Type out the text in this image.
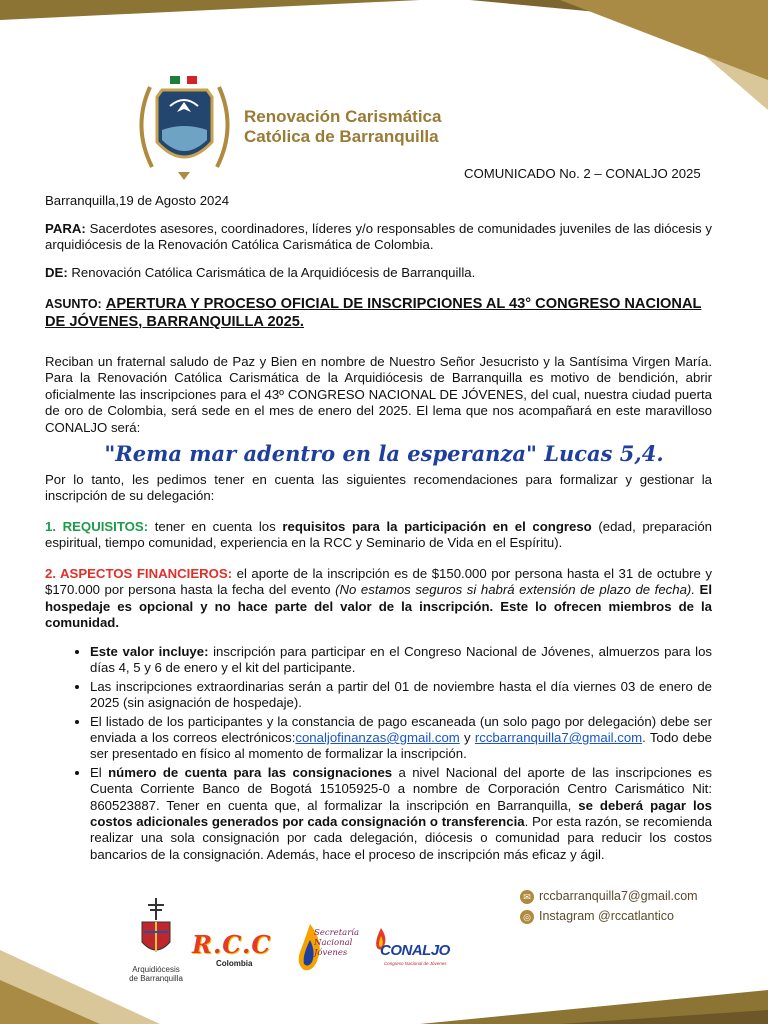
Renovación Carismática
Católica de Barranquilla
COMUNICADO No. 2 – CONALJO 2025

Barranquilla,19 de Agosto 2024

PARA: Sacerdotes asesores, coordinadores, líderes y/o responsables de comunidades juveniles de las diócesis y arquidiócesis de la Renovación Católica Carismática de Colombia.

DE: Renovación Católica Carismática de la Arquidiócesis de Barranquilla.

ASUNTO: APERTURA Y PROCESO OFICIAL DE INSCRIPCIONES AL 43° CONGRESO NACIONAL DE JÓVENES, BARRANQUILLA 2025.

Reciban un fraternal saludo de Paz y Bien en nombre de Nuestro Señor Jesucristo y la Santísima Virgen María. Para la Renovación Católica Carismática de la Arquidiócesis de Barranquilla es motivo de bendición, abrir oficialmente las inscripciones para el 43º CONGRESO NACIONAL DE JÓVENES, del cual, nuestra ciudad puerta de oro de Colombia, será sede en el mes de enero del 2025. El lema que nos acompañará en este maravilloso CONALJO será:

"Rema mar adentro en la esperanza" Lucas 5,4.

Por lo tanto, les pedimos tener en cuenta las siguientes recomendaciones para formalizar y gestionar la inscripción de su delegación:

1. REQUISITOS: tener en cuenta los requisitos para la participación en el congreso (edad, preparación espiritual, tiempo comunidad, experiencia en la RCC y Seminario de Vida en el Espíritu).

2. ASPECTOS FINANCIEROS: el aporte de la inscripción es de $150.000 por persona hasta el 31 de octubre y $170.000 por persona hasta la fecha del evento (No estamos seguros si habrá extensión de plazo de fecha). El hospedaje es opcional y no hace parte del valor de la inscripción. Este lo ofrecen miembros de la comunidad.

• Este valor incluye: inscripción para participar en el Congreso Nacional de Jóvenes, almuerzos para los días 4, 5 y 6 de enero y el kit del participante.
• Las inscripciones extraordinarias serán a partir del 01 de noviembre hasta el día viernes 03 de enero de 2025 (sin asignación de hospedaje).
• El listado de los participantes y la constancia de pago escaneada (un solo pago por delegación) debe ser enviada a los correos electrónicos:conaljofinanzas@gmail.com y rccbarranquilla7@gmail.com. Todo debe ser presentado en físico al momento de formalizar la inscripción.
• El número de cuenta para las consignaciones a nivel Nacional del aporte de las inscripciones es Cuenta Corriente Banco de Bogotá 15105925-0 a nombre de Corporación Centro Carismático Nit: 860523887. Tener en cuenta que, al formalizar la inscripción en Barranquilla, se deberá pagar los costos adicionales generados por cada consignación o transferencia. Por esta razón, se recomienda realizar una sola consignación por cada delegación, diócesis o comunidad para reducir los costos bancarios de la consignación. Además, hace el proceso de inscripción más eficaz y ágil.
✉ rccbarranquilla7@gmail.com
◎ Instagram @rccatlantico
Arquidiócesis
de Barranquilla
R.C.C
Colombia
Secretaría
Nacional
Jóvenes	CONALJO
Congreso Nacional de Jóvenes
